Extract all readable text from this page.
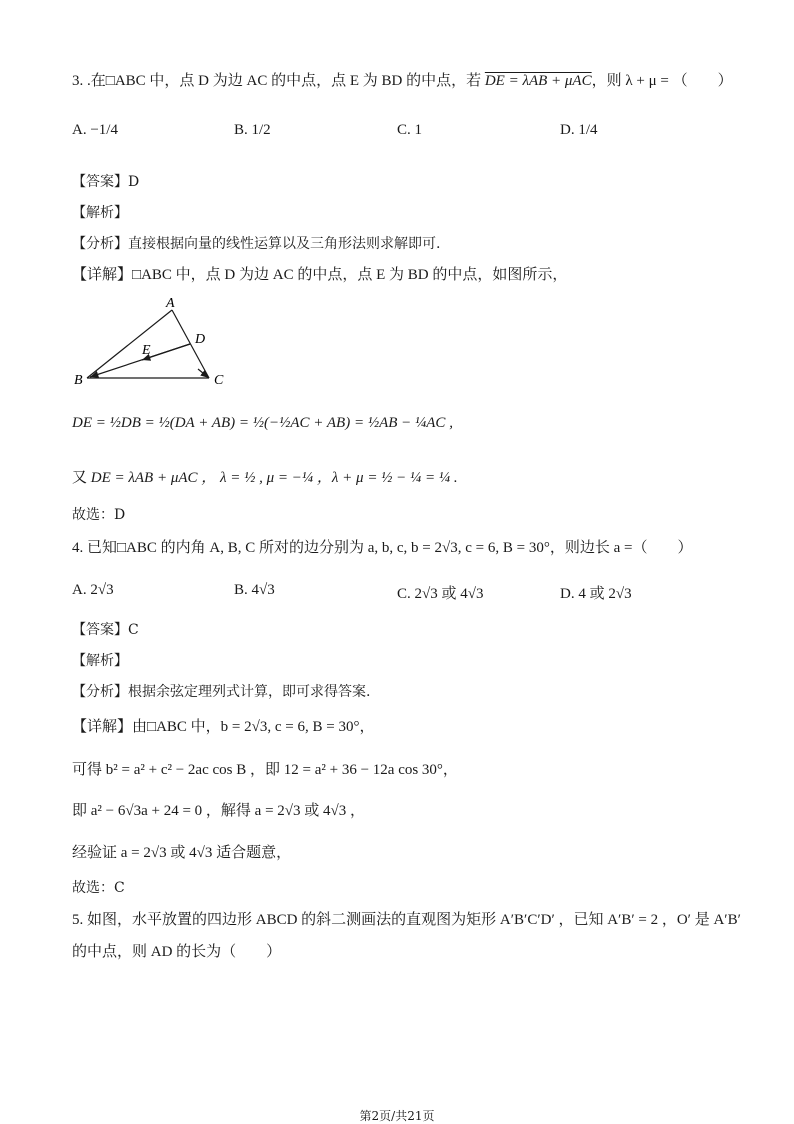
3. .在□ABC 中，点 D 为边 AC 的中点，点 E 为 BD 的中点，若 DE = λAB + μAC，则 λ + μ = （　　）
A. −1/4	B. 1/2	C. 1	D. 1/4
【答案】D
【解析】
【分析】直接根据向量的线性运算以及三角形法则求解即可.
【详解】□ABC 中，点 D 为边 AC 的中点，点 E 为 BD 的中点，如图所示，
A
B	C
D
E
DE = ½DB = ½(DA + AB) = ½(−½AC + AB) = ½AB − ¼AC ,
又 DE = λAB + μAC ， λ = ½ , μ = −¼ ，λ + μ = ½ − ¼ = ¼ .
故选：D
4. 已知□ABC 的内角 A, B, C 所对的边分别为 a, b, c, b = 2√3, c = 6, B = 30°，则边长 a =（　　）
A. 2√3	B. 4√3	C. 2√3 或 4√3	D. 4 或 2√3
【答案】C
【解析】
【分析】根据余弦定理列式计算，即可求得答案.
【详解】由□ABC 中，b = 2√3, c = 6, B = 30°，
可得 b² = a² + c² − 2ac cos B ，即 12 = a² + 36 − 12a cos 30°，
即 a² − 6√3a + 24 = 0 ，解得 a = 2√3 或 4√3 ，
经验证 a = 2√3 或 4√3 适合题意，
故选：C
5. 如图，水平放置的四边形 ABCD 的斜二测画法的直观图为矩形 A′B′C′D′ ，已知 A′B′ = 2 ，O′ 是 A′B′
的中点，则 AD 的长为（　　）
第2页/共21页
